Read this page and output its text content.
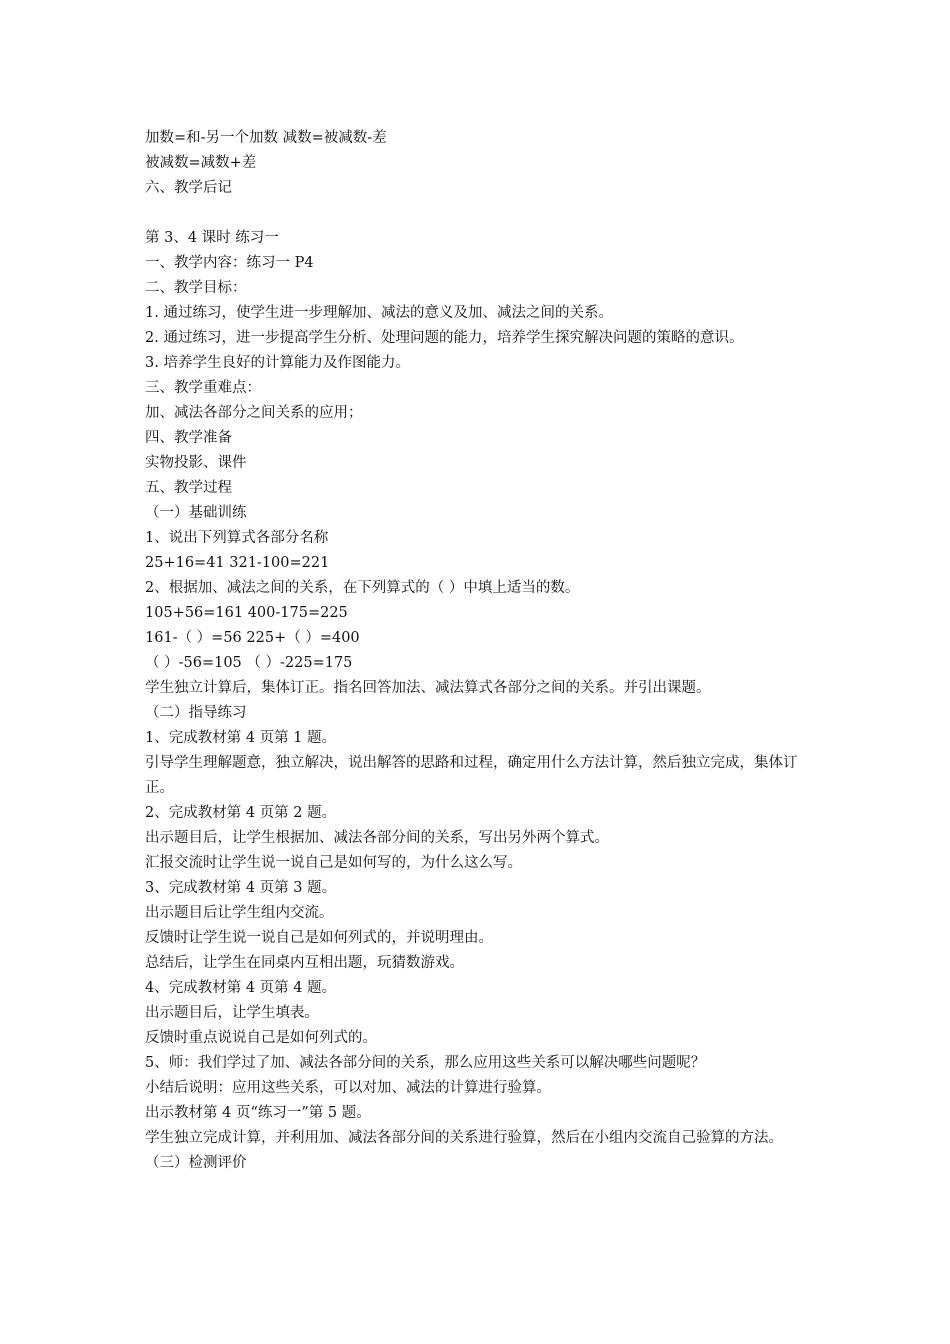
加数=和-另一个加数 减数=被减数-差
被减数=减数+差
六、教学后记
第 3、4 课时 练习一
一、教学内容：练习一 P4
二、教学目标：
1. 通过练习，使学生进一步理解加、减法的意义及加、减法之间的关系。
2. 通过练习，进一步提高学生分析、处理问题的能力，培养学生探究解决问题的策略的意识。
3. 培养学生良好的计算能力及作图能力。
三、教学重难点：
加、减法各部分之间关系的应用；
四、教学准备
实物投影、课件
五、教学过程
（一）基础训练
1、说出下列算式各部分名称
25+16=41 321-100=221
2、根据加、减法之间的关系，在下列算式的（ ）中填上适当的数。
105+56=161 400-175=225
161-（ ）=56 225+（ ）=400
（ ）-56=105 （ ）-225=175
学生独立计算后，集体订正。指名回答加法、减法算式各部分之间的关系。并引出课题。
（二）指导练习
1、完成教材第 4 页第 1 题。
引导学生理解题意，独立解决，说出解答的思路和过程，确定用什么方法计算，然后独立完成，集体订正。
2、完成教材第 4 页第 2 题。
出示题目后，让学生根据加、减法各部分间的关系，写出另外两个算式。
汇报交流时让学生说一说自己是如何写的，为什么这么写。
3、完成教材第 4 页第 3 题。
出示题目后让学生组内交流。
反馈时让学生说一说自己是如何列式的，并说明理由。
总结后，让学生在同桌内互相出题，玩猜数游戏。
4、完成教材第 4 页第 4 题。
出示题目后，让学生填表。
反馈时重点说说自己是如何列式的。
5、师：我们学过了加、减法各部分间的关系，那么应用这些关系可以解决哪些问题呢？
小结后说明：应用这些关系，可以对加、减法的计算进行验算。
出示教材第 4 页“练习一”第 5 题。
学生独立完成计算，并利用加、减法各部分间的关系进行验算，然后在小组内交流自己验算的方法。
（三）检测评价
